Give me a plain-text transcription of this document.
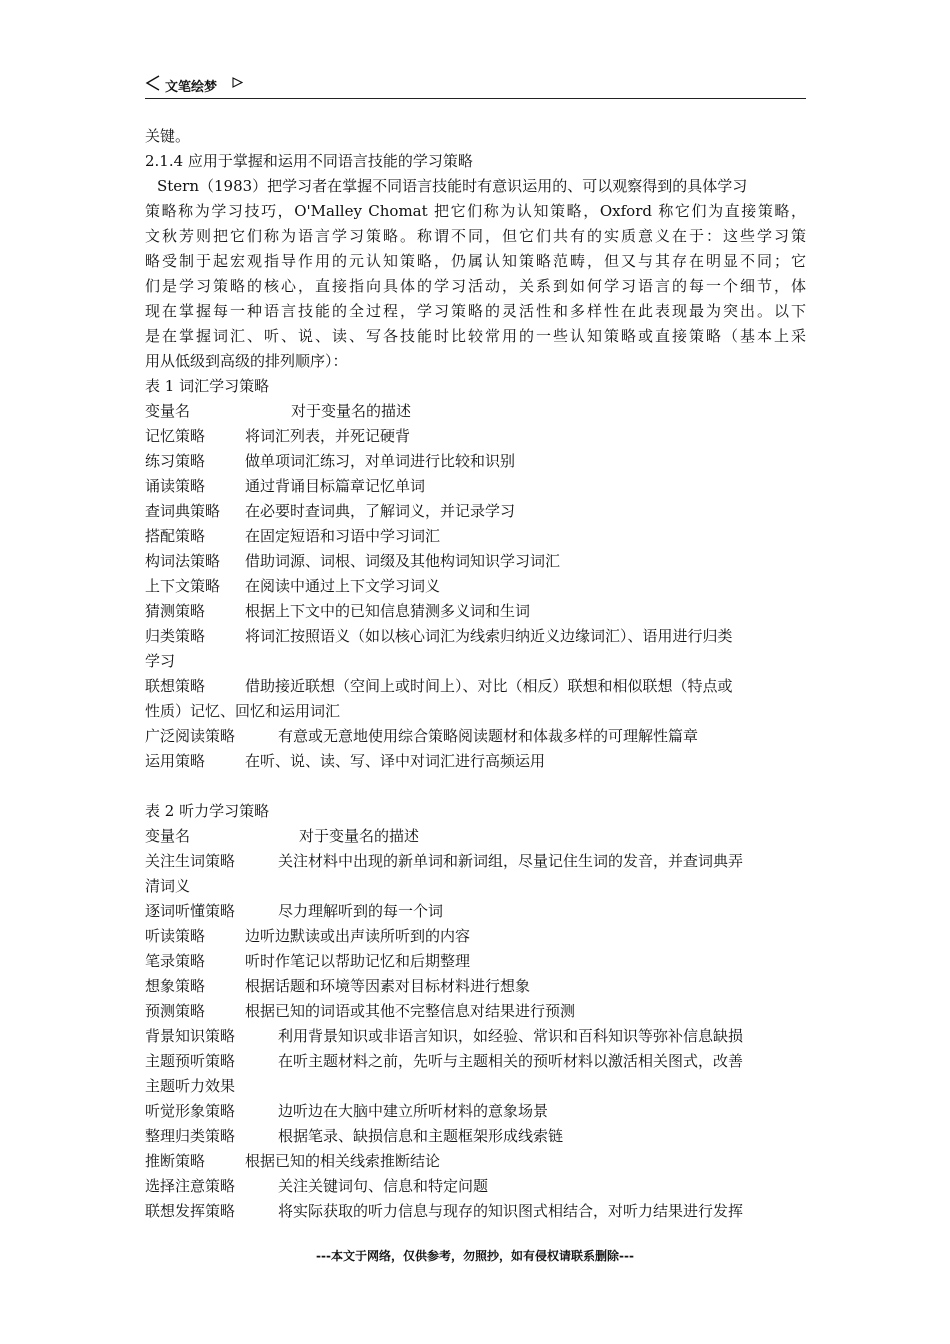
文笔绘梦
关键。
2.1.4 应用于掌握和运用不同语言技能的学习策略
Stern（1983）把学习者在掌握不同语言技能时有意识运用的、可以观察得到的具体学习
策略称为学习技巧，O'Malley Chomat 把它们称为认知策略，Oxford 称它们为直接策略，
文秋芳则把它们称为语言学习策略。称谓不同，但它们共有的实质意义在于：这些学习策
略受制于起宏观指导作用的元认知策略，仍属认知策略范畴，但又与其存在明显不同；它
们是学习策略的核心，直接指向具体的学习活动，关系到如何学习语言的每一个细节，体
现在掌握每一种语言技能的全过程，学习策略的灵活性和多样性在此表现最为突出。以下
是在掌握词汇、听、说、读、写各技能时比较常用的一些认知策略或直接策略（基本上采
用从低级到高级的排列顺序）：
表 1 词汇学习策略
变量名	对于变量名的描述
记忆策略	将词汇列表，并死记硬背
练习策略	做单项词汇练习，对单词进行比较和识别
诵读策略	通过背诵目标篇章记忆单词
查词典策略 在必要时查词典，了解词义，并记录学习
搭配策略	在固定短语和习语中学习词汇
构词法策略 借助词源、词根、词缀及其他构词知识学习词汇
上下文策略 在阅读中通过上下文学习词义
猜测策略	根据上下文中的已知信息猜测多义词和生词
归类策略	将词汇按照语义（如以核心词汇为线索归纳近义边缘词汇）、语用进行归类
学习
联想策略	借助接近联想（空间上或时间上）、对比（相反）联想和相似联想（特点或
性质）记忆、回忆和运用词汇
广泛阅读策略	有意或无意地使用综合策略阅读题材和体裁多样的可理解性篇章
运用策略	在听、说、读、写、译中对词汇进行高频运用
表 2 听力学习策略
变量名	对于变量名的描述
关注生词策略	关注材料中出现的新单词和新词组，尽量记住生词的发音，并查词典弄
清词义
逐词听懂策略	尽力理解听到的每一个词
听读策略	边听边默读或出声读所听到的内容
笔录策略	听时作笔记以帮助记忆和后期整理
想象策略	根据话题和环境等因素对目标材料进行想象
预测策略	根据已知的词语或其他不完整信息对结果进行预测
背景知识策略	利用背景知识或非语言知识，如经验、常识和百科知识等弥补信息缺损
主题预听策略	在听主题材料之前，先听与主题相关的预听材料以激活相关图式，改善
主题听力效果
听觉形象策略	边听边在大脑中建立所听材料的意象场景
整理归类策略	根据笔录、缺损信息和主题框架形成线索链
推断策略	根据已知的相关线索推断结论
选择注意策略	关注关键词句、信息和特定问题
联想发挥策略	将实际获取的听力信息与现存的知识图式相结合，对听力结果进行发挥
---本文于网络，仅供参考，勿照抄，如有侵权请联系删除---
